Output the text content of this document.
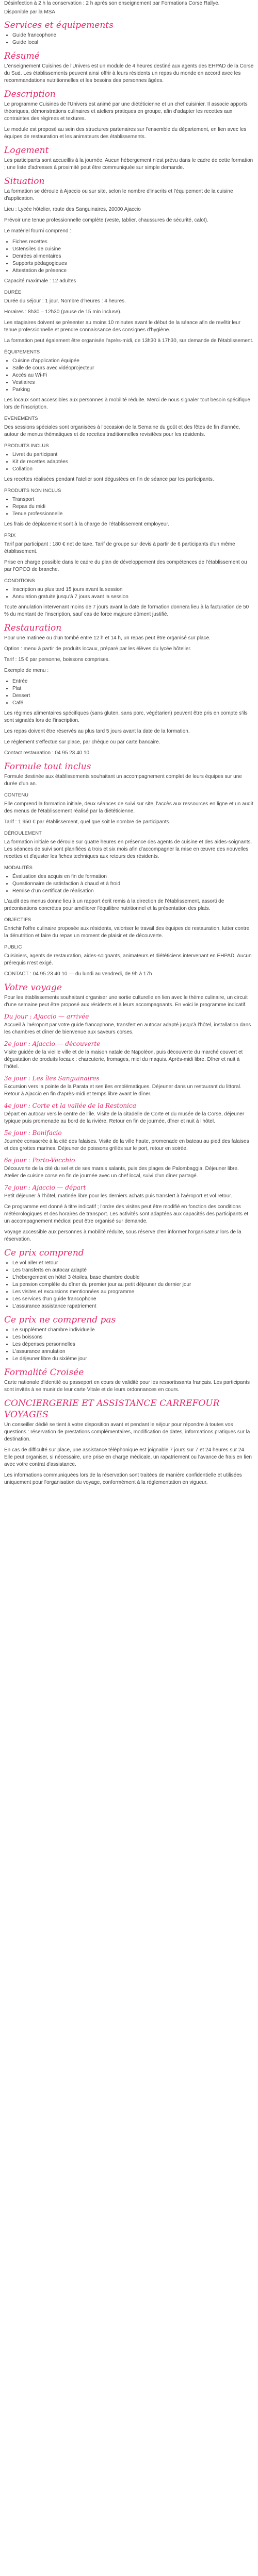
Désinfection à 2 h la conservation : 2 h après son enseignement par Formations Corse Rallye.

Disponible par la MSA

Services et équipements
• Guide francophone
• Guide local
Résumé

L'enseignement Cuisines de l'Univers est un module de 4 heures destiné aux agents des EHPAD de la Corse du Sud. Les établissements peuvent ainsi offrir à leurs résidents un repas du monde en accord avec les recommandations nutritionnelles et les besoins des personnes âgées.

Description

Le programme Cuisines de l'Univers est animé par une diététicienne et un chef cuisinier. Il associe apports théoriques, démonstrations culinaires et ateliers pratiques en groupe, afin d'adapter les recettes aux contraintes des régimes et textures.

Le module est proposé au sein des structures partenaires sur l'ensemble du département, en lien avec les équipes de restauration et les animateurs des établissements.

Logement

Les participants sont accueillis à la journée. Aucun hébergement n'est prévu dans le cadre de cette formation ; une liste d'adresses à proximité peut être communiquée sur simple demande.

Situation

La formation se déroule à Ajaccio ou sur site, selon le nombre d'inscrits et l'équipement de la cuisine d'application.

Lieu : Lycée hôtelier, route des Sanguinaires, 20000 Ajaccio

Prévoir une tenue professionnelle complète (veste, tablier, chaussures de sécurité, calot).

Le matériel fourni comprend :

• Fiches recettes
• Ustensiles de cuisine
• Denrées alimentaires
• Supports pédagogiques
• Attestation de présence

Capacité maximale : 12 adultes

DURÉE

Durée du séjour : 1 jour. Nombre d'heures : 4 heures.

Horaires : 8h30 – 12h30 (pause de 15 min incluse).

Les stagiaires doivent se présenter au moins 10 minutes avant le début de la séance afin de revêtir leur tenue professionnelle et prendre connaissance des consignes d'hygiène.

La formation peut également être organisée l'après-midi, de 13h30 à 17h30, sur demande de l'établissement.

ÉQUIPEMENTS

• Cuisine d'application équipée
• Salle de cours avec vidéoprojecteur
• Accès au Wi-Fi
• Vestiaires
• Parking

Les locaux sont accessibles aux personnes à mobilité réduite. Merci de nous signaler tout besoin spécifique lors de l'inscription.

ÉVÉNEMENTS

Des sessions spéciales sont organisées à l'occasion de la Semaine du goût et des fêtes de fin d'année, autour de menus thématiques et de recettes traditionnelles revisitées pour les résidents.

PRODUITS INCLUS

• Livret du participant
• Kit de recettes adaptées
• Collation

Les recettes réalisées pendant l'atelier sont dégustées en fin de séance par les participants.

PRODUITS NON INCLUS

• Transport
• Repas du midi
• Tenue professionnelle

Les frais de déplacement sont à la charge de l'établissement employeur.

PRIX

Tarif par participant : 180 € net de taxe. Tarif de groupe sur devis à partir de 6 participants d'un même établissement.

Prise en charge possible dans le cadre du plan de développement des compétences de l'établissement ou par l'OPCO de branche.

CONDITIONS

• Inscription au plus tard 15 jours avant la session
• Annulation gratuite jusqu'à 7 jours avant la session

Toute annulation intervenant moins de 7 jours avant la date de formation donnera lieu à la facturation de 50 % du montant de l'inscription, sauf cas de force majeure dûment justifié.

Restauration

Pour une matinée ou d'un tombé entre 12 h et 14 h, un repas peut être organisé sur place.

Option : menu à partir de produits locaux, préparé par les élèves du lycée hôtelier.

Tarif : 15 € par personne, boissons comprises.

Exemple de menu :

• Entrée
• Plat
• Dessert
• Café

Les régimes alimentaires spécifiques (sans gluten, sans porc, végétarien) peuvent être pris en compte s'ils sont signalés lors de l'inscription.

Les repas doivent être réservés au plus tard 5 jours avant la date de la formation.

Le règlement s'effectue sur place, par chèque ou par carte bancaire.

Contact restauration : 04 95 23 40 10

Formule tout inclus

Formule destinée aux établissements souhaitant un accompagnement complet de leurs équipes sur une durée d'un an.

CONTENU

Elle comprend la formation initiale, deux séances de suivi sur site, l'accès aux ressources en ligne et un audit des menus de l'établissement réalisé par la diététicienne.

Tarif : 1 950 € par établissement, quel que soit le nombre de participants.

DÉROULEMENT

La formation initiale se déroule sur quatre heures en présence des agents de cuisine et des aides-soignants. Les séances de suivi sont planifiées à trois et six mois afin d'accompagner la mise en œuvre des nouvelles recettes et d'ajuster les fiches techniques aux retours des résidents.

MODALITÉS

• Évaluation des acquis en fin de formation
• Questionnaire de satisfaction à chaud et à froid
• Remise d'un certificat de réalisation

L'audit des menus donne lieu à un rapport écrit remis à la direction de l'établissement, assorti de préconisations concrètes pour améliorer l'équilibre nutritionnel et la présentation des plats.

OBJECTIFS

Enrichir l'offre culinaire proposée aux résidents, valoriser le travail des équipes de restauration, lutter contre la dénutrition et faire du repas un moment de plaisir et de découverte.

PUBLIC

Cuisiniers, agents de restauration, aides-soignants, animateurs et diététiciens intervenant en EHPAD. Aucun prérequis n'est exigé.

CONTACT : 04 95 23 40 10 — du lundi au vendredi, de 9h à 17h

Votre voyage

Pour les établissements souhaitant organiser une sortie culturelle en lien avec le thème culinaire, un circuit d'une semaine peut être proposé aux résidents et à leurs accompagnants. En voici le programme indicatif.

Du jour : Ajaccio — arrivée

Accueil à l'aéroport par votre guide francophone, transfert en autocar adapté jusqu'à l'hôtel, installation dans les chambres et dîner de bienvenue aux saveurs corses.

2e jour : Ajaccio — découverte

Visite guidée de la vieille ville et de la maison natale de Napoléon, puis découverte du marché couvert et dégustation de produits locaux : charcuterie, fromages, miel du maquis. Après-midi libre. Dîner et nuit à l'hôtel.

3e jour : Les îles Sanguinaires

Excursion vers la pointe de la Parata et ses îles emblématiques. Déjeuner dans un restaurant du littoral. Retour à Ajaccio en fin d'après-midi et temps libre avant le dîner.

4e jour : Corte et la vallée de la Restonica

Départ en autocar vers le centre de l'île. Visite de la citadelle de Corte et du musée de la Corse, déjeuner typique puis promenade au bord de la rivière. Retour en fin de journée, dîner et nuit à l'hôtel.

5e jour : Bonifacio

Journée consacrée à la cité des falaises. Visite de la ville haute, promenade en bateau au pied des falaises et des grottes marines. Déjeuner de poissons grillés sur le port, retour en soirée.

6e jour : Porto-Vecchio

Découverte de la cité du sel et de ses marais salants, puis des plages de Palombaggia. Déjeuner libre. Atelier de cuisine corse en fin de journée avec un chef local, suivi d'un dîner partagé.

7e jour : Ajaccio — départ

Petit déjeuner à l'hôtel, matinée libre pour les derniers achats puis transfert à l'aéroport et vol retour.

Ce programme est donné à titre indicatif ; l'ordre des visites peut être modifié en fonction des conditions météorologiques et des horaires de transport. Les activités sont adaptées aux capacités des participants et un accompagnement médical peut être organisé sur demande.

Voyage accessible aux personnes à mobilité réduite, sous réserve d'en informer l'organisateur lors de la réservation.

Ce prix comprend
• Le vol aller et retour
• Les transferts en autocar adapté
• L'hébergement en hôtel 3 étoiles, base chambre double
• La pension complète du dîner du premier jour au petit déjeuner du dernier jour
• Les visites et excursions mentionnées au programme
• Les services d'un guide francophone
• L'assurance assistance rapatriement
Ce prix ne comprend pas
• Le supplément chambre individuelle
• Les boissons
• Les dépenses personnelles
• L'assurance annulation
• Le déjeuner libre du sixième jour
Formalité Croisée

Carte nationale d'identité ou passeport en cours de validité pour les ressortissants français. Les participants sont invités à se munir de leur carte Vitale et de leurs ordonnances en cours.

CONCIERGERIE ET ASSISTANCE CARREFOUR VOYAGES

Un conseiller dédié se tient à votre disposition avant et pendant le séjour pour répondre à toutes vos questions : réservation de prestations complémentaires, modification de dates, informations pratiques sur la destination.

En cas de difficulté sur place, une assistance téléphonique est joignable 7 jours sur 7 et 24 heures sur 24. Elle peut organiser, si nécessaire, une prise en charge médicale, un rapatriement ou l'avance de frais en lien avec votre contrat d'assistance.

Les informations communiquées lors de la réservation sont traitées de manière confidentielle et utilisées uniquement pour l'organisation du voyage, conformément à la réglementation en vigueur.
